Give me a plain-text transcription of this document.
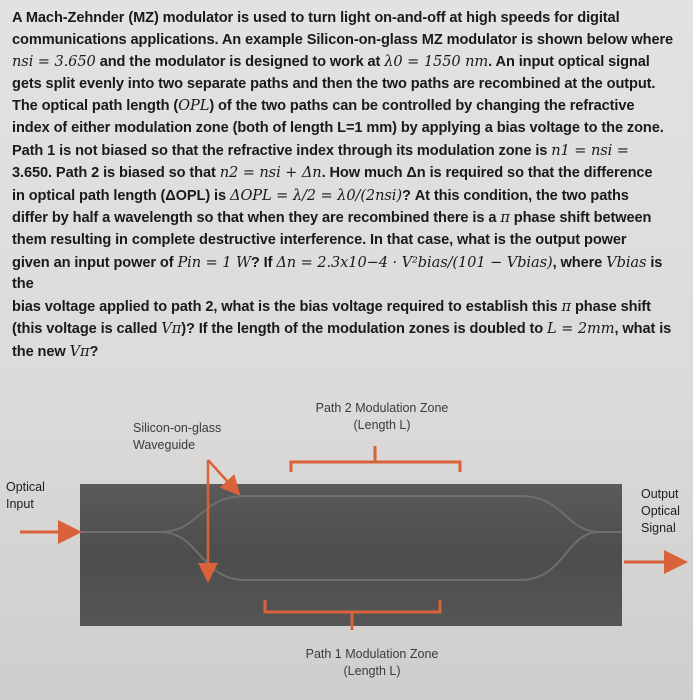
A Mach-Zehnder (MZ) modulator is used to turn light on-and-off at high speeds for digital

communications applications. An example Silicon-on-glass MZ modulator is shown below where

nsi = 3.650 and the modulator is designed to work at λ0 = 1550 nm. An input optical signal

gets split evenly into two separate paths and then the two paths are recombined at the output.

The optical path length (OPL) of the two paths can be controlled by changing the refractive

index of either modulation zone (both of length L=1 mm) by applying a bias voltage to the zone.

Path 1 is not biased so that the refractive index through its modulation zone is n1 = nsi =

3.650. Path 2 is biased so that n2 = nsi + Δn. How much Δn is required so that the difference

in optical path length (ΔOPL) is ΔOPL = λ/2 = λ0/(2nsi)? At this condition, the two paths

differ by half a wavelength so that when they are recombined there is a π phase shift between

them resulting in complete destructive interference. In that case, what is the output power

given an input power of Pin = 1 W? If Δn = 2.3x10−4 · V²bias/(101 − Vbias), where Vbias is the

bias voltage applied to path 2, what is the bias voltage required to establish this π phase shift

(this voltage is called Vπ)? If the length of the modulation zones is doubled to L = 2mm, what is

the new Vπ?

Silicon-on-glass
Waveguide
Path 2 Modulation Zone
(Length L)
Path 1 Modulation Zone
(Length L)
Optical
Input
Output
Optical
Signal
